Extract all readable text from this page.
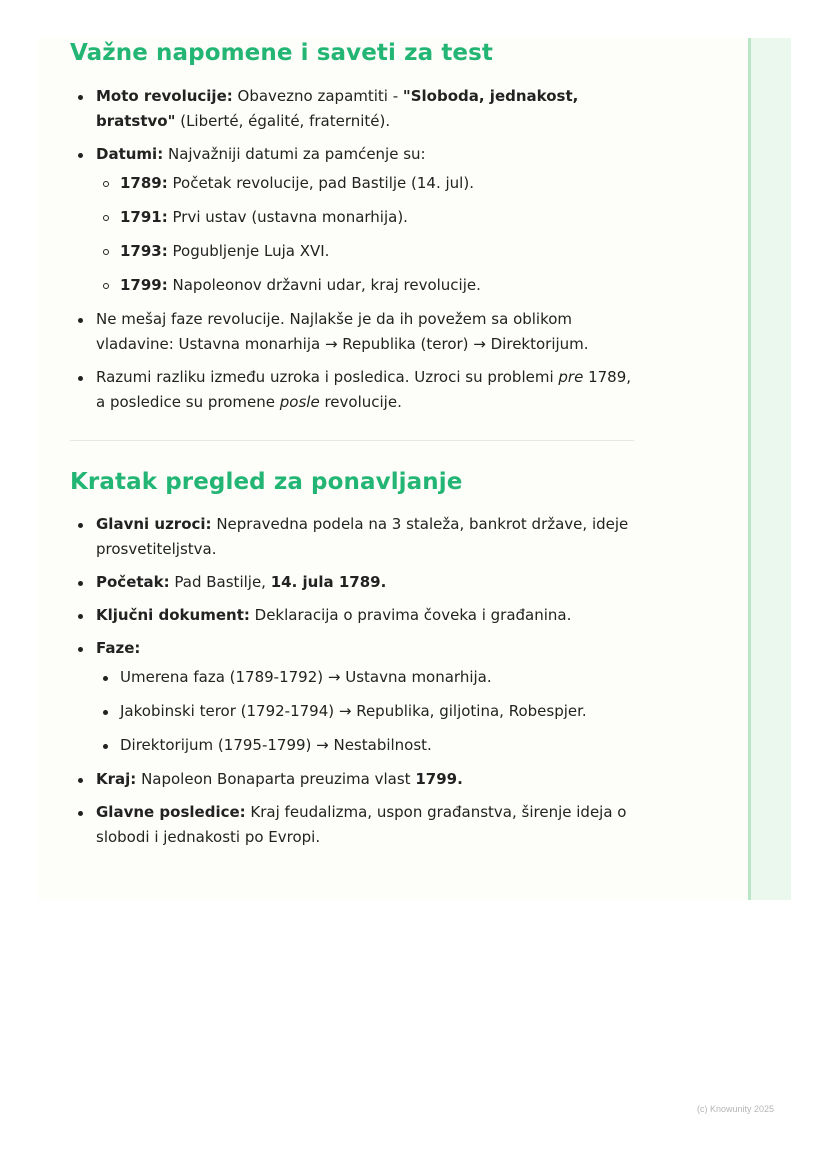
Važne napomene i saveti za test
Moto revolucije: Obavezno zapamtiti - "Sloboda, jednakost, bratstvo" (Liberté, égalité, fraternité).
Datumi: Najvažniji datumi za pamćenje su:
1789: Početak revolucije, pad Bastilje (14. jul).
1791: Prvi ustav (ustavna monarhija).
1793: Pogubljenje Luja XVI.
1799: Napoleonov državni udar, kraj revolucije.
Ne mešaj faze revolucije. Najlakše je da ih povežem sa oblikom vladavine: Ustavna monarhija → Republika (teror) → Direktorijum.
Razumi razliku između uzroka i posledica. Uzroci su problemi pre 1789, a posledice su promene posle revolucije.
Kratak pregled za ponavljanje
Glavni uzroci: Nepravedna podela na 3 staleža, bankrot države, ideje prosvetiteljstva.
Početak: Pad Bastilje, 14. jula 1789.
Ključni dokument: Deklaracija o pravima čoveka i građanina.
Faze:
Umerena faza (1789-1792) → Ustavna monarhija.
Jakobinski teror (1792-1794) → Republika, giljotina, Robespjer.
Direktorijum (1795-1799) → Nestabilnost.
Kraj: Napoleon Bonaparta preuzima vlast 1799.
Glavne posledice: Kraj feudalizma, uspon građanstva, širenje ideja o slobodi i jednakosti po Evropi.
(c) Knowunity 2025
